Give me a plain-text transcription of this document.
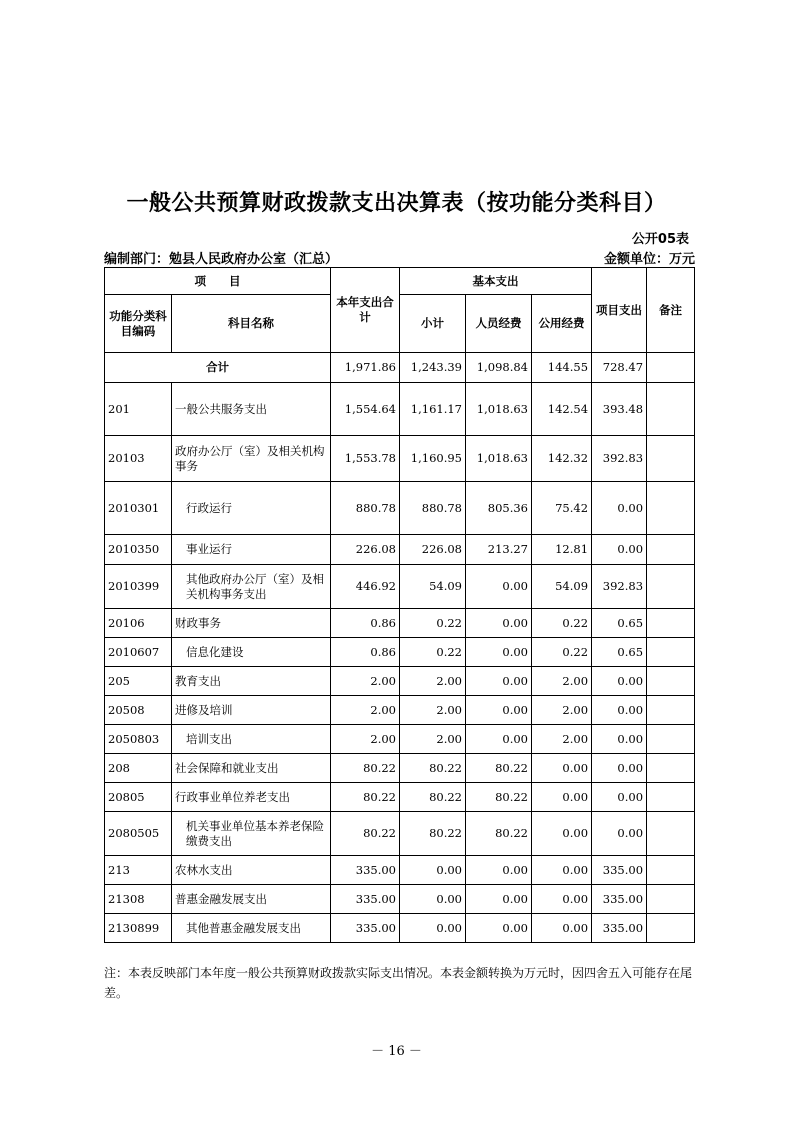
一般公共预算财政拨款支出决算表（按功能分类科目）
公开05表
编制部门：勉县人民政府办公室（汇总）	金额单位：万元
项　　目		本年支出合计	基本支出			项目支出	备注
功能分类科目编码	科目名称		小计	人员经费	公用经费		

合计		1,971.86	1,243.39	1,098.84	144.55	728.47	
201	一般公共服务支出	1,554.64	1,161.17	1,018.63	142.54	393.48	
20103	政府办公厅（室）及相关机构事务	1,553.78	1,160.95	1,018.63	142.32	392.83	
2010301	行政运行	880.78	880.78	805.36	75.42	0.00	
2010350	事业运行	226.08	226.08	213.27	12.81	0.00	
2010399	其他政府办公厅（室）及相关机构事务支出	446.92	54.09	0.00	54.09	392.83	
20106	财政事务	0.86	0.22	0.00	0.22	0.65	
2010607	信息化建设	0.86	0.22	0.00	0.22	0.65	
205	教育支出	2.00	2.00	0.00	2.00	0.00	
20508	进修及培训	2.00	2.00	0.00	2.00	0.00	
2050803	培训支出	2.00	2.00	0.00	2.00	0.00	
208	社会保障和就业支出	80.22	80.22	80.22	0.00	0.00	
20805	行政事业单位养老支出	80.22	80.22	80.22	0.00	0.00	
2080505	机关事业单位基本养老保险缴费支出	80.22	80.22	80.22	0.00	0.00	
213	农林水支出	335.00	0.00	0.00	0.00	335.00	
21308	普惠金融发展支出	335.00	0.00	0.00	0.00	335.00	
2130899	其他普惠金融发展支出	335.00	0.00	0.00	0.00	335.00	
注：本表反映部门本年度一般公共预算财政拨款实际支出情况。本表金额转换为万元时，因四舍五入可能存在尾差。
－ 16 －
